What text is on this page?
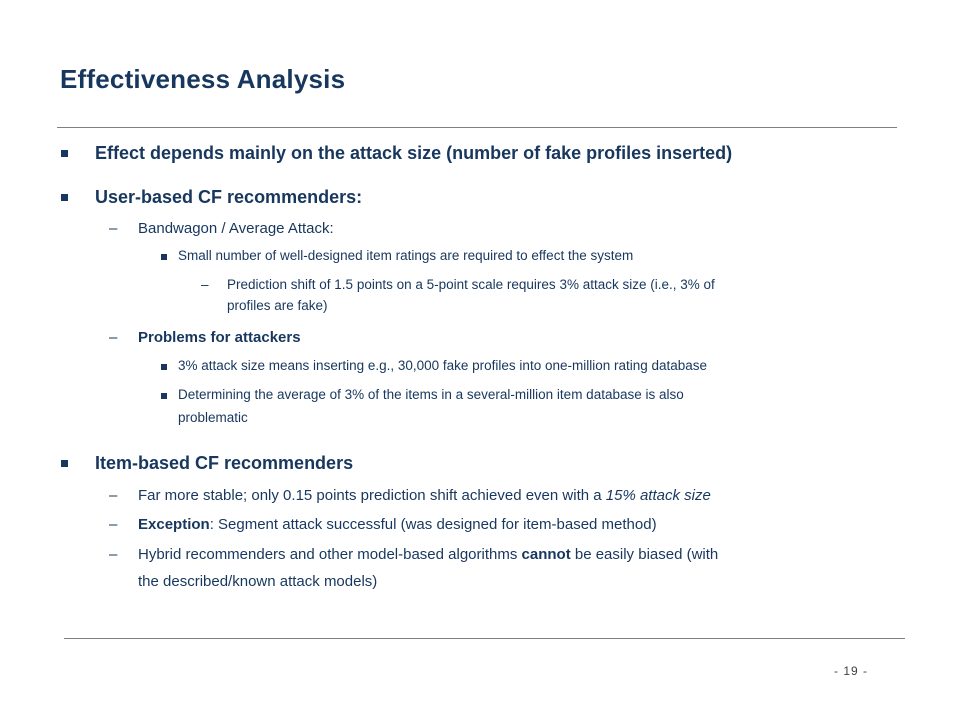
Effectiveness Analysis
Effect depends mainly on the attack size (number of fake profiles inserted)
User-based CF recommenders:
– Bandwagon / Average Attack:
Small number of well-designed item ratings are required to effect the system
– Prediction shift of 1.5 points on a 5-point scale requires 3% attack size (i.e., 3% of
profiles are fake)
– Problems for attackers
3% attack size means inserting e.g., 30,000 fake profiles into one-million rating database
Determining the average of 3% of the items in a several-million item database is also
problematic
Item-based CF recommenders
– Far more stable; only 0.15 points prediction shift achieved even with a 15% attack size
– Exception: Segment attack successful (was designed for item-based method)
– Hybrid recommenders and other model-based algorithms cannot be easily biased (with
the described/known attack models)
- 19 -
